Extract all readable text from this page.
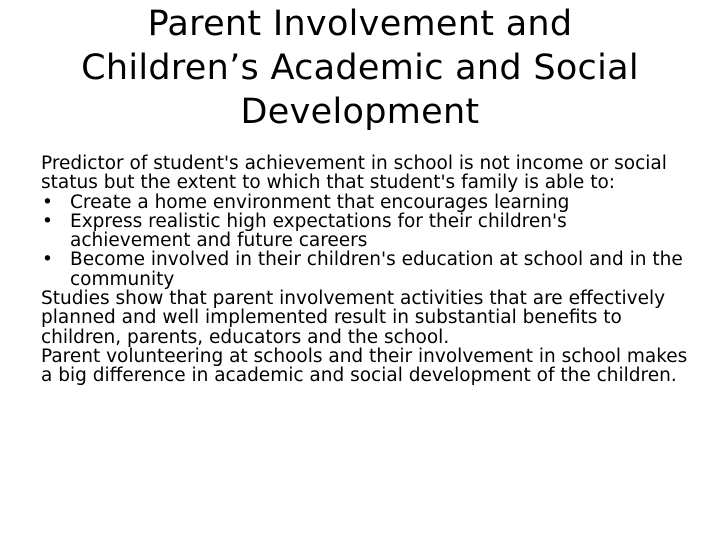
Parent Involvement and
Children’s Academic and Social
Development
Predictor of student's achievement in school is not income or social status but the extent to which that student's family is able to:
• Create a home environment that encourages learning
• Express realistic high expectations for their children's achievement and future careers
• Become involved in their children's education at school and in the community
Studies show that parent involvement activities that are effectively planned and well implemented result in substantial benefits to children, parents, educators and the school.
Parent volunteering at schools and their involvement in school makes a big difference in academic and social development of the children.
